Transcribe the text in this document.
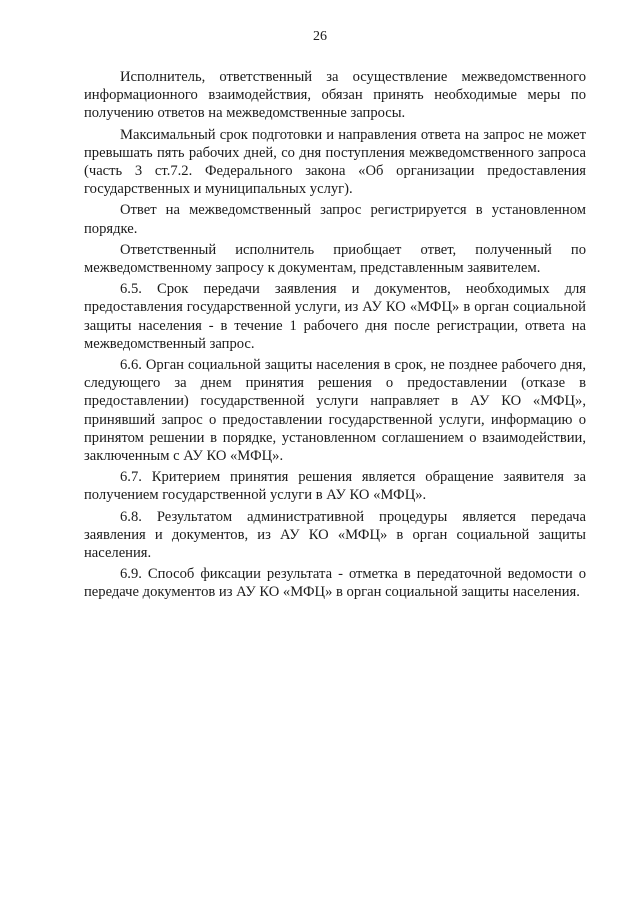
26

Исполнитель, ответственный за осуществление межведомственного информационного взаимодействия, обязан принять необходимые меры по получению ответов на межведомственные запросы.

Максимальный срок подготовки и направления ответа на запрос не может превышать пять рабочих дней, со дня поступления межведомственного запроса (часть 3 ст.7.2. Федерального закона «Об организации предоставления государственных и муниципальных услуг).

Ответ на межведомственный запрос регистрируется в установленном порядке.

Ответственный исполнитель приобщает ответ, полученный по межведомственному запросу к документам, представленным заявителем.

6.5. Срок передачи заявления и документов, необходимых для предоставления государственной услуги, из АУ КО «МФЦ» в орган социальной защиты населения - в течение 1 рабочего дня после регистрации, ответа на межведомственный запрос.

6.6. Орган социальной защиты населения в срок, не позднее рабочего дня, следующего за днем принятия решения о предоставлении (отказе в предоставлении) государственной услуги направляет в АУ КО «МФЦ», принявший запрос о предоставлении государственной услуги, информацию о принятом решении в порядке, установленном соглашением о взаимодействии, заключенным с АУ КО «МФЦ».

6.7. Критерием принятия решения является обращение заявителя за получением государственной услуги в АУ КО «МФЦ».

6.8. Результатом административной процедуры является передача заявления и документов, из АУ КО «МФЦ» в орган социальной защиты населения.

6.9. Способ фиксации результата - отметка в передаточной ведомости о передаче документов из АУ КО «МФЦ» в орган социальной защиты населения.
